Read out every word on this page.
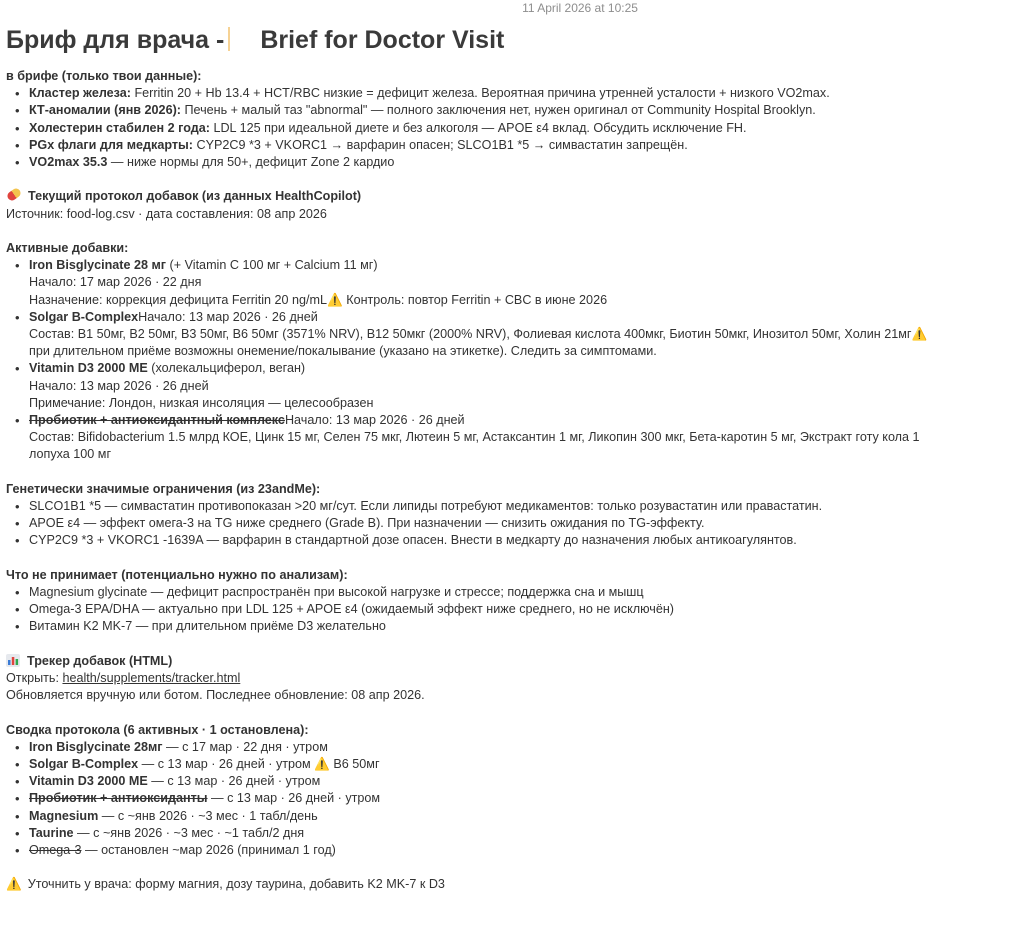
11 April 2026 at 10:25
Бриф для врача - Brief for Doctor Visit
в брифе (только твои данные):
• Кластер железа: Ferritin 20 + Hb 13.4 + HCT/RBC низкие = дефицит железа. Вероятная причина утренней усталости + низкого VO2max.
• КТ-аномалии (янв 2026): Печень + малый таз "abnormal" — полного заключения нет, нужен оригинал от Community Hospital Brooklyn.
• Холестерин стабилен 2 года: LDL 125 при идеальной диете и без алкоголя — APOE ε4 вклад. Обсудить исключение FH.
• PGx флаги для медкарты: CYP2C9 *3 + VKORC1 → варфарин опасен; SLCO1B1 *5 → симвастатин запрещён.
• VO2max 35.3 — ниже нормы для 50+, дефицит Zone 2 кардио
Текущий протокол добавок (из данных HealthCopilot)
Источник: food-log.csv · дата составления: 08 апр 2026
Активные добавки:
• Iron Bisglycinate 28 мг (+ Vitamin C 100 мг + Calcium 11 мг)
Начало: 17 мар 2026 · 22 дня
Назначение: коррекция дефицита Ferritin 20 ng/mL⚠️ Контроль: повтор Ferritin + CBC в июне 2026
• Solgar B-ComplexНачало: 13 мар 2026 · 26 дней
Состав: B1 50мг, B2 50мг, B3 50мг, B6 50мг (3571% NRV), B12 50мкг (2000% NRV), Фолиевая кислота 400мкг, Биотин 50мкг, Инозитол 50мг, Холин 21мг⚠️
при длительном приёме возможны онемение/покалывание (указано на этикетке). Следить за симптомами.
• Vitamin D3 2000 МЕ (холекальциферол, веган)
Начало: 13 мар 2026 · 26 дней
Примечание: Лондон, низкая инсоляция — целесообразен
• Пробиотик + антиоксидантный комплексНачало: 13 мар 2026 · 26 дней
Состав: Bifidobacterium 1.5 млрд КОЕ, Цинк 15 мг, Селен 75 мкг, Лютеин 5 мг, Астаксантин 1 мг, Ликопин 300 мкг, Бета-каротин 5 мг, Экстракт готу кола 1
лопуха 100 мг
Генетически значимые ограничения (из 23andMe):
• SLCO1B1 *5 — симвастатин противопоказан >20 мг/сут. Если липиды потребуют медикаментов: только розувастатин или правастатин.
• APOE ε4 — эффект омега-3 на TG ниже среднего (Grade B). При назначении — снизить ожидания по TG-эффекту.
• CYP2C9 *3 + VKORC1 -1639A — варфарин в стандартной дозе опасен. Внести в медкарту до назначения любых антикоагулянтов.
Что не принимает (потенциально нужно по анализам):
• Magnesium glycinate — дефицит распространён при высокой нагрузке и стрессе; поддержка сна и мышц
• Omega-3 EPA/DHA — актуально при LDL 125 + APOE ε4 (ожидаемый эффект ниже среднего, но не исключён)
• Витамин K2 MK-7 — при длительном приёме D3 желательно
Трекер добавок (HTML)
Открыть: health/supplements/tracker.html
Обновляется вручную или ботом. Последнее обновление: 08 апр 2026.
Сводка протокола (6 активных · 1 остановлена):
• Iron Bisglycinate 28мг — с 17 мар · 22 дня · утром
• Solgar B-Complex — с 13 мар · 26 дней · утром ⚠️ B6 50мг
• Vitamin D3 2000 МЕ — с 13 мар · 26 дней · утром
• Пробиотик + антиоксиданты — с 13 мар · 26 дней · утром
• Magnesium — с ~янв 2026 · ~3 мес · 1 табл/день
• Taurine — с ~янв 2026 · ~3 мес · ~1 табл/2 дня
• Omega-3 — остановлен ~мар 2026 (принимал 1 год)
⚠️ Уточнить у врача: форму магния, дозу таурина, добавить K2 MK-7 к D3
